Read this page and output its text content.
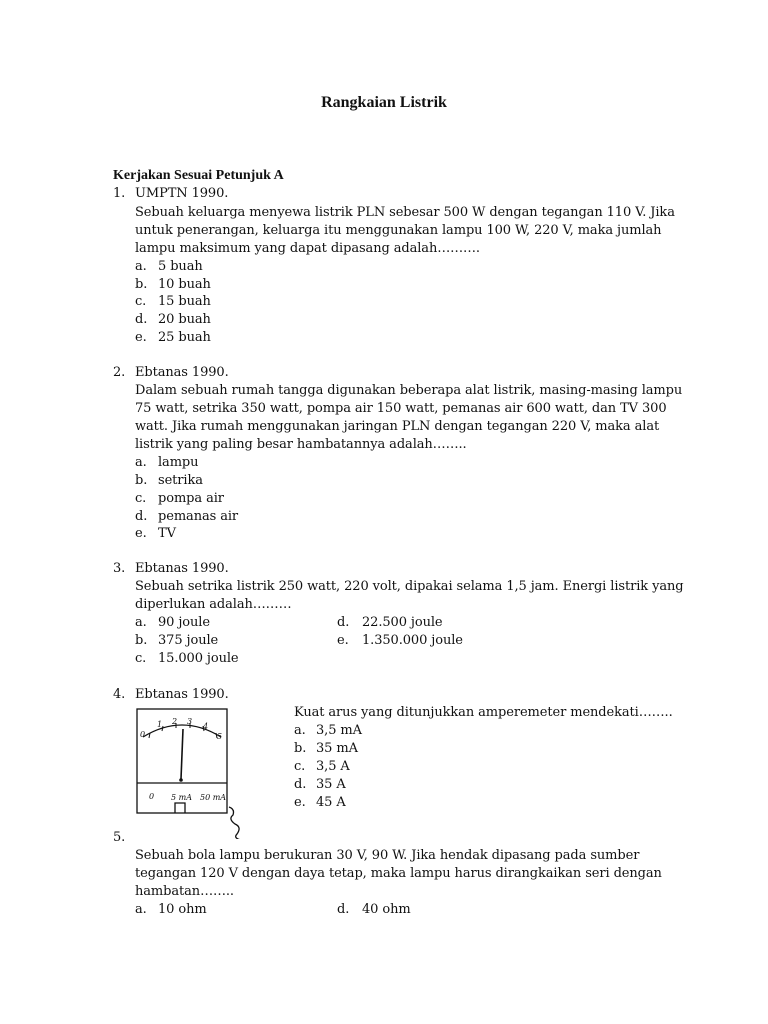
Rangkaian Listrik
Kerjakan Sesuai Petunjuk A
1. UMPTN 1990.
Sebuah keluarga menyewa listrik PLN sebesar 500 W dengan tegangan 110 V. Jika
untuk penerangan, keluarga itu menggunakan lampu 100 W, 220 V, maka jumlah
lampu maksimum yang dapat dipasang adalah……….
a. 5 buah
b. 10 buah
c. 15 buah
d. 20 buah
e. 25 buah
2. Ebtanas 1990.
Dalam sebuah rumah tangga digunakan beberapa alat listrik, masing-masing lampu
75 watt, setrika 350 watt, pompa air 150 watt, pemanas air 600 watt, dan TV 300
watt. Jika rumah menggunakan jaringan PLN dengan tegangan 220 V, maka alat
listrik yang paling besar hambatannya adalah……..
a. lampu
b. setrika
c. pompa air
d. pemanas air
e. TV
3. Ebtanas 1990.
Sebuah setrika listrik 250 watt, 220 volt, dipakai selama 1,5 jam. Energi listrik yang
diperlukan adalah………
a. 90 joule
b. 375 joule
c. 15.000 joule
d. 22.500 joule
e.	1.350.000 joule
4. Ebtanas 1990.
Kuat arus yang ditunjukkan amperemeter mendekati……..
a. 3,5 mA
b. 35 mA
c. 3,5 A
d. 35 A
e. 45 A
0
1 2 3
4
5
0 5 mA 50 mA
5.
Sebuah bola lampu berukuran 30 V, 90 W. Jika hendak dipasang pada sumber
tegangan 120 V dengan daya tetap, maka lampu harus dirangkaikan seri dengan
hambatan……..
a. 10 ohm	d. 40 ohm
